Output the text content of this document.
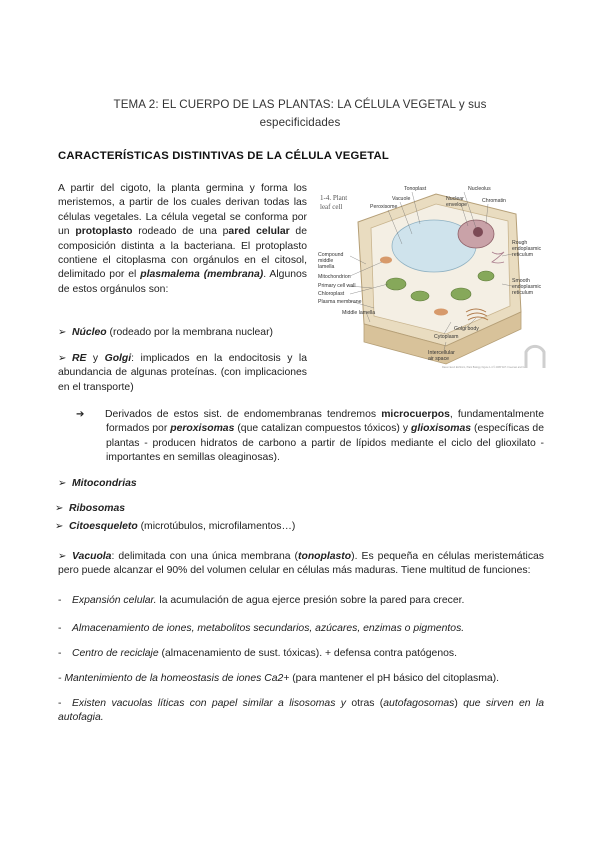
TEMA 2: EL CUERPO DE LAS PLANTAS: LA CÉLULA VEGETAL y sus
especificidades
CARACTERÍSTICAS DISTINTIVAS DE LA CÉLULA VEGETAL
A partir del cigoto, la planta germina y forma los meristemos, a partir de los cuales derivan todas las células vegetales. La célula vegetal se conforma por un protoplasto rodeado de una pared celular de composición distinta a la bacteriana. El protoplasto contiene el citoplasma con orgánulos en el citosol, delimitado por el plasmalema (membrana). Algunos de estos orgánulos son:
1-4. Plant
leaf cell
Tonoplast
Vacuole
Peroxisome
Nucleolus
Nuclear
envelope
Chromatin
Rough
endoplasmic
reticulum
Compound
middle
lamella
Mitochondrion
Primary cell wall
Chloroplast
Plasma membrane
Middle lamella
Smooth
endoplasmic
reticulum
Golgi body
Cytoplasm
Intercellular
air space
Raven Evert Eichhorn, Plant Biology, Figure 1-4 © 2005 W.H. Freeman and Co.
➢ Núcleo (rodeado por la membrana nuclear)
➢ RE y Golgi: implicados en la endocitosis y la abundancia de algunas proteínas. (con implicaciones en el transporte)
➔ Derivados de estos sist. de endomembranas tendremos microcuerpos, fundamentalmente formados por peroxisomas (que catalizan compuestos tóxicos) y glioxisomas (específicas de plantas - producen hidratos de carbono a partir de lípidos mediante el ciclo del glioxilato - importantes en semillas oleaginosas).
➢ Mitocondrias
➢ Ribosomas
➢ Citoesqueleto (microtúbulos, microfilamentos…)
➢ Vacuola: delimitada con una única membrana (tonoplasto). Es pequeña en células meristemáticas pero puede alcanzar el 90% del volumen celular en células más maduras. Tiene multitud de funciones:
- Expansión celular. la acumulación de agua ejerce presión sobre la pared para crecer.
- Almacenamiento de iones, metabolitos secundarios, azúcares, enzimas o pigmentos.
- Centro de reciclaje (almacenamiento de sust. tóxicas). + defensa contra patógenos.
- Mantenimiento de la homeostasis de iones Ca2+ (para mantener el pH básico del citoplasma).
- Existen vacuolas líticas con papel similar a lisosomas y otras (autofagosomas) que sirven en la autofagia.
